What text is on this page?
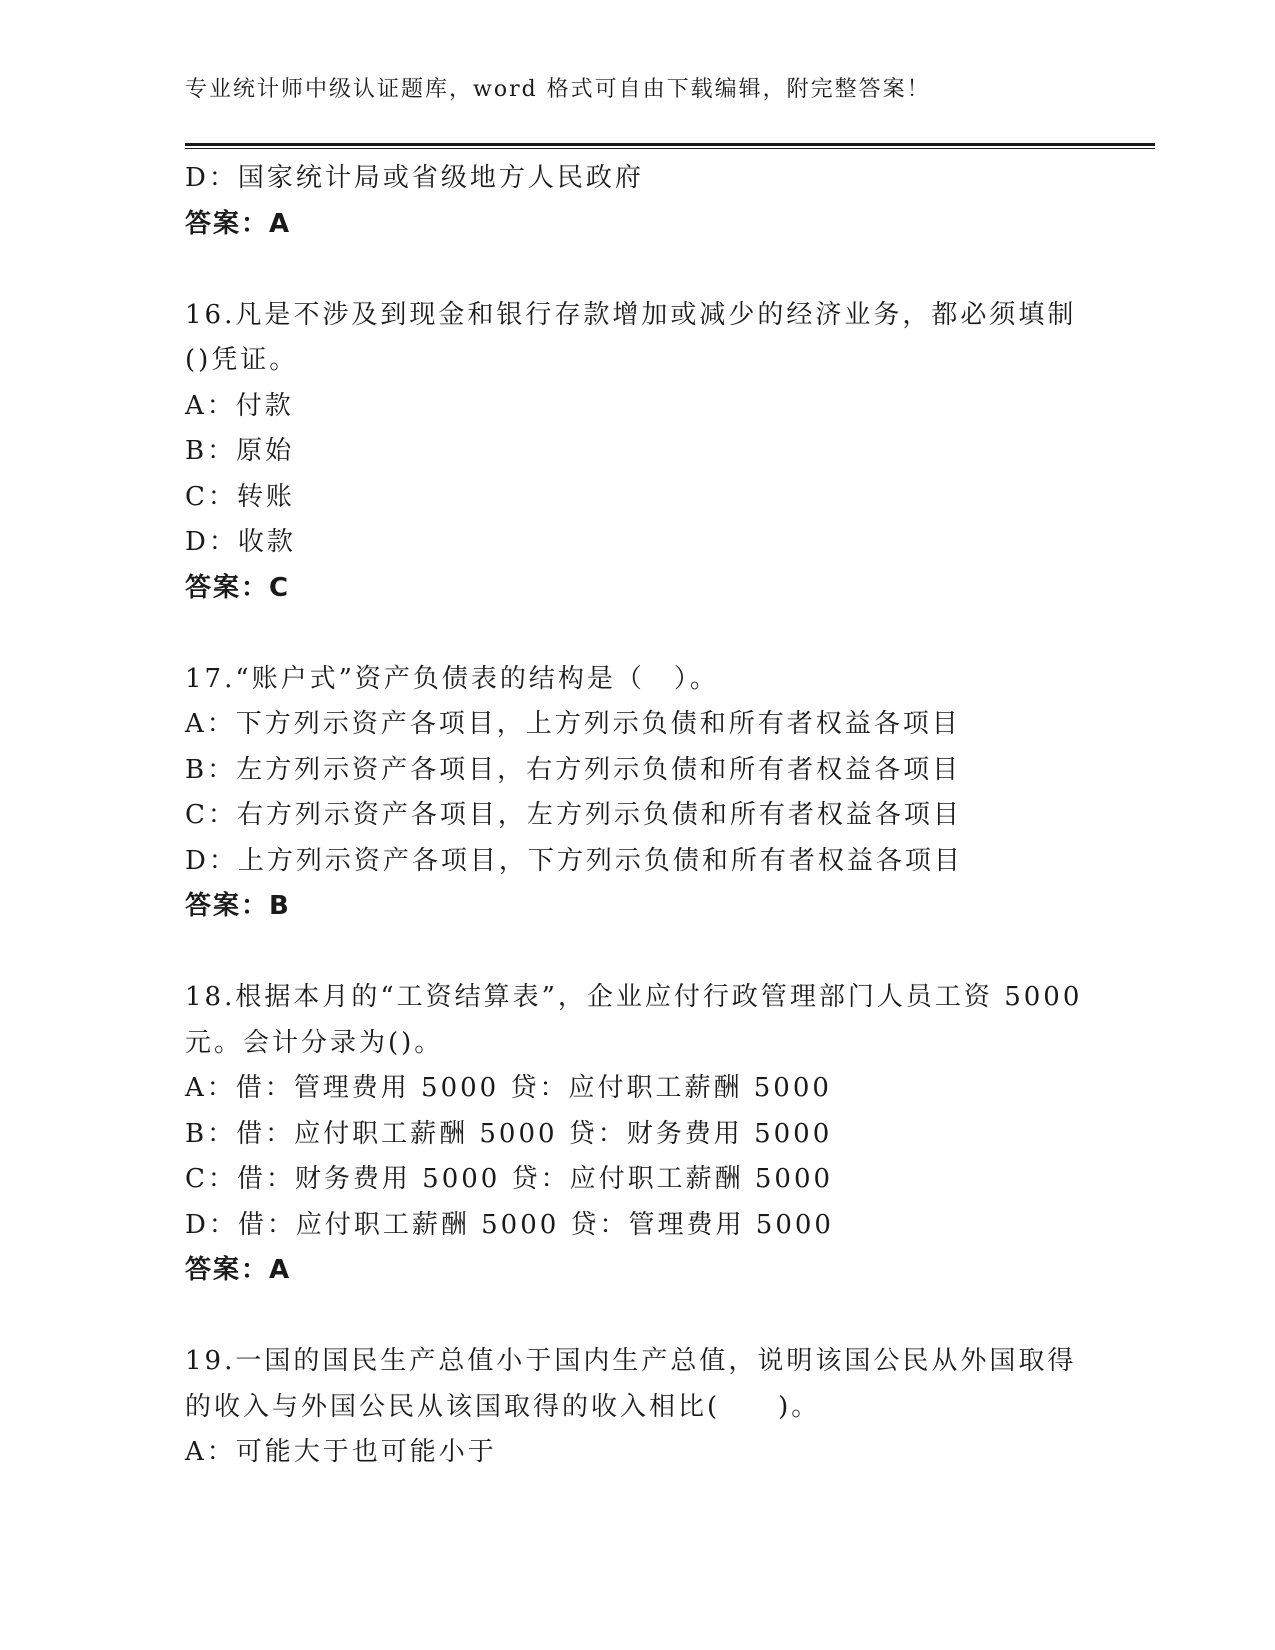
专业统计师中级认证题库，word 格式可自由下载编辑，附完整答案！
D：国家统计局或省级地方人民政府
答案：A
16.凡是不涉及到现金和银行存款增加或减少的经济业务，都必须填制
()凭证。
A：付款
B：原始
C：转账
D：收款
答案：C
17.“账户式”资产负债表的结构是（　）。
A：下方列示资产各项目，上方列示负债和所有者权益各项目
B：左方列示资产各项目，右方列示负债和所有者权益各项目
C：右方列示资产各项目，左方列示负债和所有者权益各项目
D：上方列示资产各项目，下方列示负债和所有者权益各项目
答案：B
18.根据本月的“工资结算表”，企业应付行政管理部门人员工资 5000
元。会计分录为()。
A：借：管理费用 5000 贷：应付职工薪酬 5000
B：借：应付职工薪酬 5000 贷：财务费用 5000
C：借：财务费用 5000 贷：应付职工薪酬 5000
D：借：应付职工薪酬 5000 贷：管理费用 5000
答案：A
19.一国的国民生产总值小于国内生产总值，说明该国公民从外国取得
的收入与外国公民从该国取得的收入相比(　　)。
A：可能大于也可能小于
